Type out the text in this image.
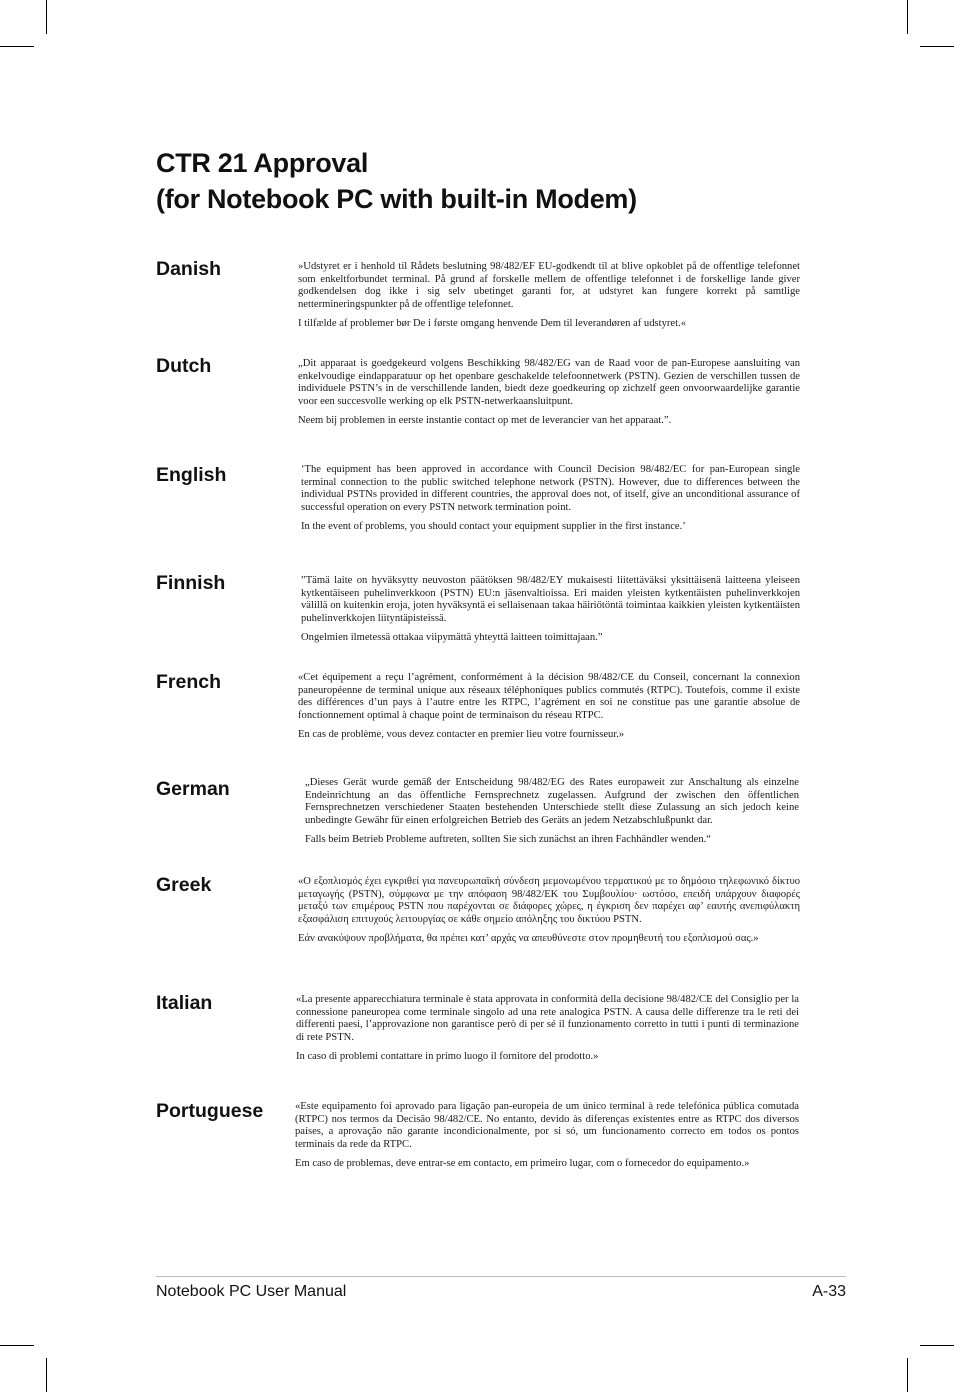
CTR 21 Approval
(for Notebook PC with built-in Modem)
Danish	»Udstyret er i henhold til Rådets beslutning 98/482/EF EU-godkendt til at blive opkoblet på de offentlige telefonnet som enkeltforbundet terminal. På grund af forskelle mellem de offentlige telefonnet i de forskellige lande giver godkendelsen dog ikke i sig selv ubetinget garanti for, at udstyret kan fungere korrekt på samtlige nettermineringspunkter på de offentlige telefonnet.

I tilfælde af problemer bør De i første omgang henvende Dem til leverandøren af udstyret.«

Dutch	„Dit apparaat is goedgekeurd volgens Beschikking 98/482/EG van de Raad voor de pan-Europese aansluiting van enkelvoudige eindapparatuur op het openbare geschakelde telefoonnetwerk (PSTN). Gezien de verschillen tussen de individuele PSTN’s in de verschillende landen, biedt deze goedkeuring op zichzelf geen onvoorwaardelijke garantie voor een succesvolle werking op elk PSTN-netwerkaansluitpunt.

Neem bij problemen in eerste instantie contact op met de leverancier van het apparaat.”.

English	‘The equipment has been approved in accordance with Council Decision 98/482/EC for pan-European single terminal connection to the public switched telephone network (PSTN). However, due to differences between the individual PSTNs provided in different countries, the approval does not, of itself, give an unconditional assurance of successful operation on every PSTN network termination point.

In the event of problems, you should contact your equipment supplier in the first instance.’

Finnish	”Tämä laite on hyväksytty neuvoston päätöksen 98/482/EY mukaisesti liitettäväksi yksittäisenä laitteena yleiseen kytkentäiseen puhelinverkkoon (PSTN) EU:n jäsenvaltioissa. Eri maiden yleisten kytkentäisten puhelinverkkojen välillä on kuitenkin eroja, joten hyväksyntä ei sellaisenaan takaa häiriötöntä toimintaa kaikkien yleisten kytkentäisten puhelinverkkojen liityntäpisteissä.

Ongelmien ilmetessä ottakaa viipymättä yhteyttä laitteen toimittajaan.”

French	«Cet équipement a reçu l’agrément, conformément à la décision 98/482/CE du Conseil, concernant la connexion paneuropéenne de terminal unique aux réseaux téléphoniques publics commutés (RTPC). Toutefois, comme il existe des différences d’un pays à l’autre entre les RTPC, l’agrément en soi ne constitue pas une garantie absolue de fonctionnement optimal à chaque point de terminaison du réseau RTPC.

En cas de problème, vous devez contacter en premier lieu votre fournisseur.»

German	„Dieses Gerät wurde gemäß der Entscheidung 98/482/EG des Rates europaweit zur Anschaltung als einzelne Endeinrichtung an das öffentliche Fernsprechnetz zugelassen. Aufgrund der zwischen den öffentlichen Fernsprechnetzen verschiedener Staaten bestehenden Unterschiede stellt diese Zulassung an sich jedoch keine unbedingte Gewähr für einen erfolgreichen Betrieb des Geräts an jedem Netzabschlußpunkt dar.

Falls beim Betrieb Probleme auftreten, sollten Sie sich zunächst an ihren Fachhändler wenden.“

Greek	«Ο εξοπλισμός έχει εγκριθεί για πανευρωπαϊκή σύνδεση μεμονωμένου τερματικού με το δημόσιο τηλεφωνικό δίκτυο μεταγωγής (PSTN), σύμφωνα με την απόφαση 98/482/ΕΚ του Συμβουλίου· ωστόσο, επειδή υπάρχουν διαφορές μεταξύ των επιμέρους PSTN που παρέχονται σε διάφορες χώρες, η έγκριση δεν παρέχει αφ’ εαυτής ανεπιφύλακτη εξασφάλιση επιτυχούς λειτουργίας σε κάθε σημείο απόληξης του δικτύου PSTN.

Εάν ανακύψουν προβλήματα, θα πρέπει κατ’ αρχάς να απευθύνεστε στον προμηθευτή του εξοπλισμού σας.»

Italian	«La presente apparecchiatura terminale è stata approvata in conformità della decisione 98/482/CE del Consiglio per la connessione paneuropea come terminale singolo ad una rete analogica PSTN. A causa delle differenze tra le reti dei differenti paesi, l’approvazione non garantisce però di per sé il funzionamento corretto in tutti i punti di terminazione di rete PSTN.

In caso di problemi contattare in primo luogo il fornitore del prodotto.»

Portuguese	«Este equipamento foi aprovado para ligação pan-europeia de um único terminal à rede telefónica pública comutada (RTPC) nos termos da Decisão 98/482/CE. No entanto, devido às diferenças existentes entre as RTPC dos diversos países, a aprovação não garante incondicionalmente, por si só, um funcionamento correcto em todos os pontos terminais da rede da RTPC.

Em caso de problemas, deve entrar-se em contacto, em primeiro lugar, com o fornecedor do equipamento.»

Notebook PC User Manual	A-33
